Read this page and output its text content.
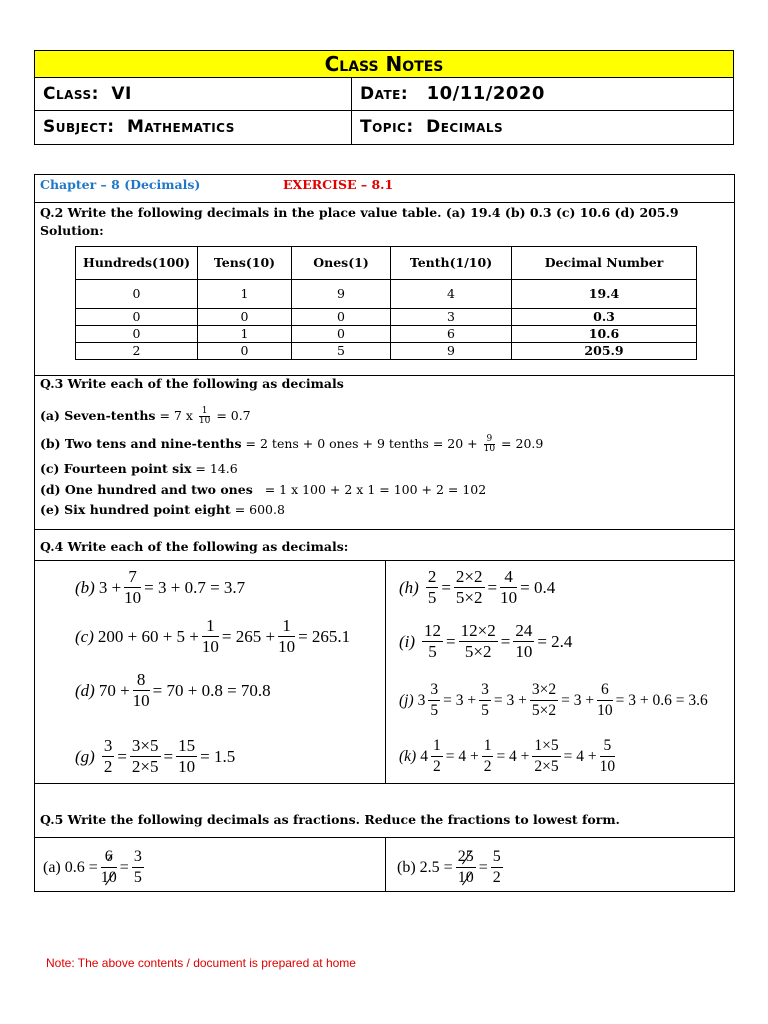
Class Notes
Class: VI	Date: 10/11/2020
Subject: Mathematics	Topic: Decimals
Chapter – 8 (Decimals)	EXERCISE – 8.1
Q.2 Write the following decimals in the place value table. (a) 19.4 (b) 0.3 (c) 10.6 (d) 205.9
Solution:
Hundreds(100)	Tens(10)	Ones(1)	Tenth(1/10)	Decimal Number
0	1	9	4	19.4
0	0	0	3	0.3
0	1	0	6	10.6
2	0	5	9	205.9
Q.3 Write each of the following as decimals
(a) Seven-tenths = 7 x $\frac{1}{10} = 0.7$
(b) Two tens and nine-tenths = 2 tens + 0 ones + 9 tenths = $20 + \frac{9}{10} = 20.9$
(c) Fourteen point six = 14.6
(d) One hundred and two ones   = 1 x 100 + 2 x 1 = 100 + 2 = 102
(e) Six hundred point eight = 600.8
Q.4 Write each of the following as decimals:
(b) $3 + \frac{7}{10} = 3 + 0.7 = 3.7$
(c) $200 + 60 + 5 + \frac{1}{10} = 265 + \frac{1}{10} = 265.1$
(d) $70 + \frac{8}{10} = 70 + 0.8 = 70.8$
$(g) \frac{3}{2} = \frac{3\times 5}{2\times 5} = \frac{15}{10} = 1.5$
$(h) \frac{2}{5} = \frac{2\times 2}{5\times 2} = \frac{4}{10} = 0.4$
$(i) \frac{12}{5} = \frac{12\times 2}{5\times 2} = \frac{24}{10} = 2.4$
(j) $3 \frac{3}{5} = 3 + \frac{3}{5} = 3 + \frac{3\times 2}{5\times 2} = 3 + \frac{6}{10} = 3 + 0.6 = 3.6$
(k) $4 \frac{1}{2} = 4 + \frac{1}{2} = 4 + \frac{1\times 5}{2\times 5} = 4 + \frac{5}{10}$
Q.5 Write the following decimals as fractions. Reduce the fractions to lowest form.
(a) $0.6 = \frac{6}{10} = \frac{3}{5}$	(b) $2.5 = \frac{25}{10} = \frac{5}{2}$
Note: The above contents / document is prepared at home
